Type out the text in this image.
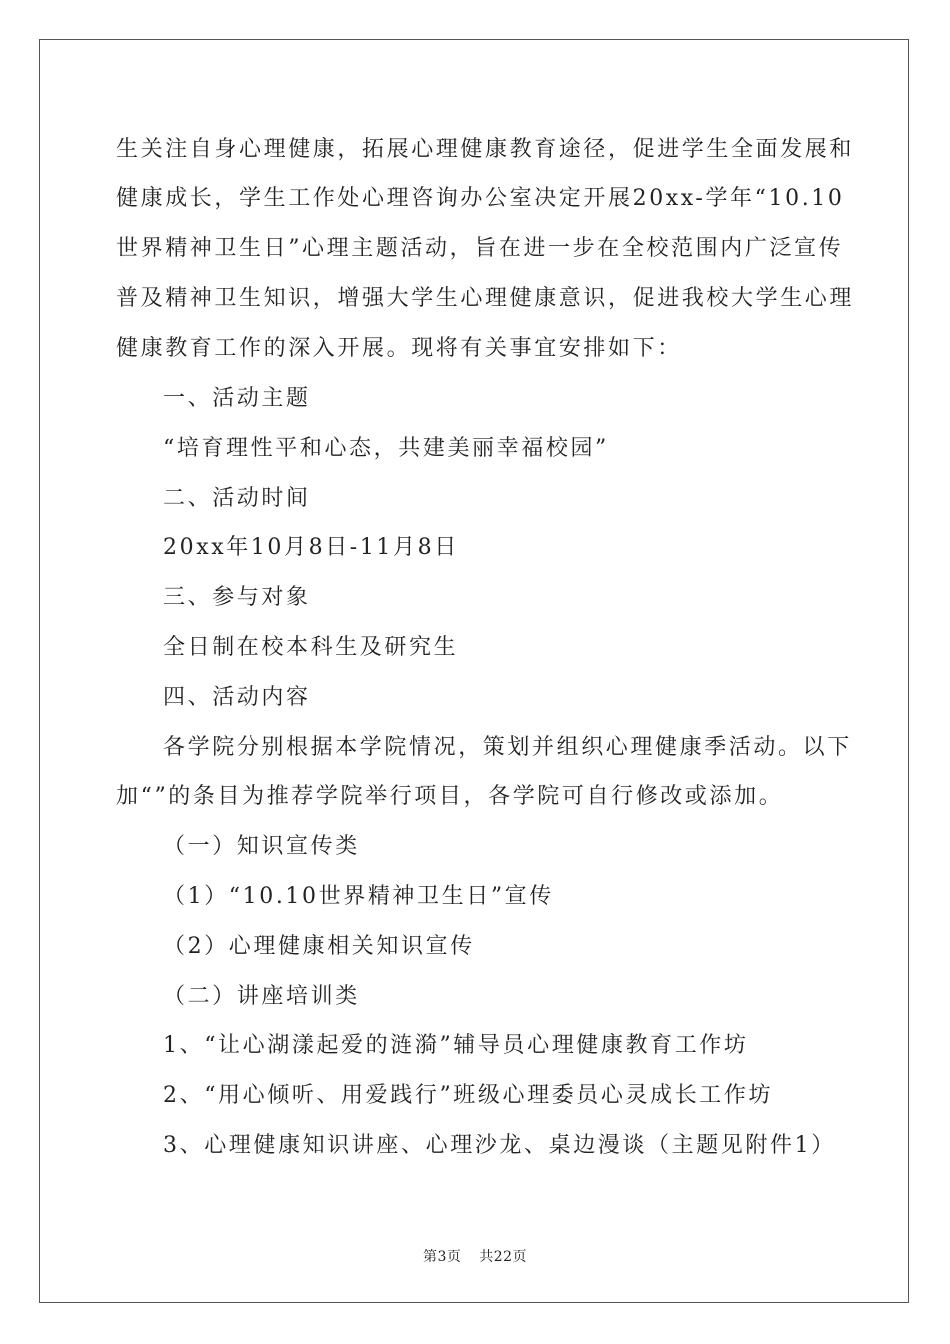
生关注自身心理健康，拓展心理健康教育途径，促进学生全面发展和
健康成长，学生工作处心理咨询办公室决定开展20xx-学年“10.10
世界精神卫生日”心理主题活动，旨在进一步在全校范围内广泛宣传
普及精神卫生知识，增强大学生心理健康意识，促进我校大学生心理
健康教育工作的深入开展。现将有关事宜安排如下：
一、活动主题
“培育理性平和心态，共建美丽幸福校园”
二、活动时间
20xx年10月8日-11月8日
三、参与对象
全日制在校本科生及研究生
四、活动内容
各学院分别根据本学院情况，策划并组织心理健康季活动。以下
加“”的条目为推荐学院举行项目，各学院可自行修改或添加。
（一）知识宣传类
（1）“10.10世界精神卫生日”宣传
（2）心理健康相关知识宣传
（二）讲座培训类
1、“让心湖漾起爱的涟漪”辅导员心理健康教育工作坊
2、“用心倾听、用爱践行”班级心理委员心灵成长工作坊
3、心理健康知识讲座、心理沙龙、桌边漫谈（主题见附件1）
第3页 共22页
